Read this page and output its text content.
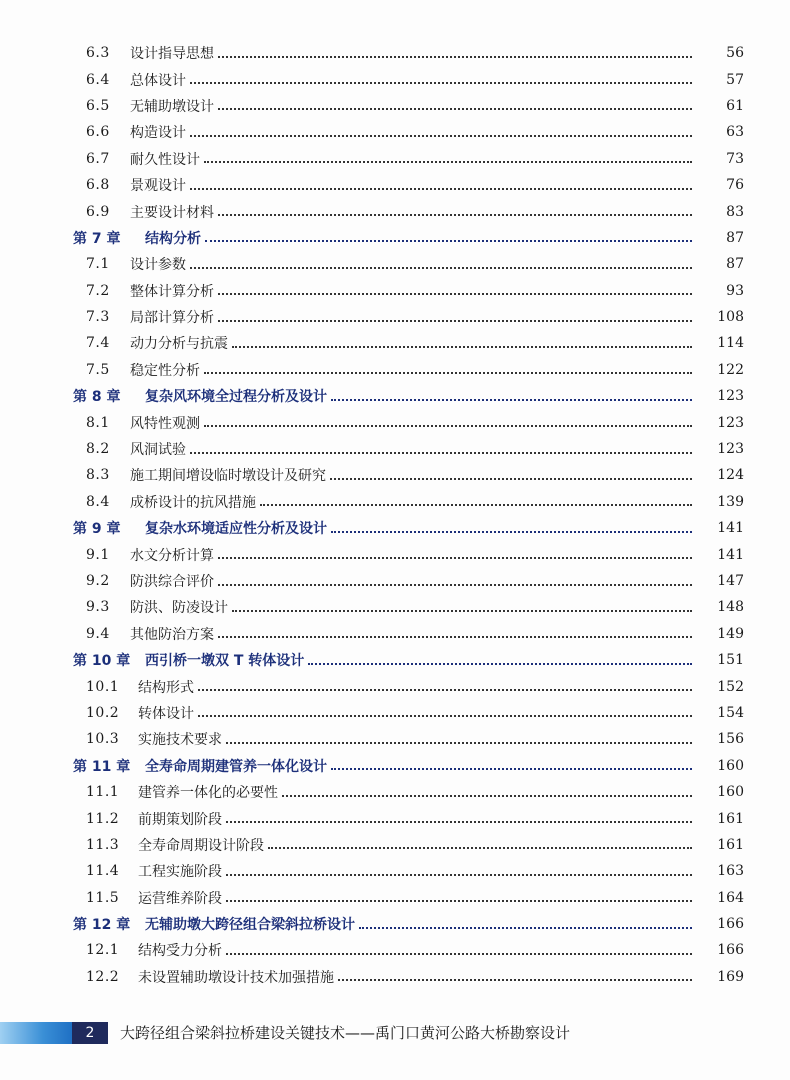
6.3	设计指导思想	56
6.4	总体设计	57
6.5	无辅助墩设计	61
6.6	构造设计	63
6.7	耐久性设计	73
6.8	景观设计	76
6.9	主要设计材料	83
第 7 章	结构分析	87
7.1	设计参数	87
7.2	整体计算分析	93
7.3	局部计算分析	108
7.4	动力分析与抗震	114
7.5	稳定性分析	122
第 8 章	复杂风环境全过程分析及设计	123
8.1	风特性观测	123
8.2	风洞试验	123
8.3	施工期间增设临时墩设计及研究	124
8.4	成桥设计的抗风措施	139
第 9 章	复杂水环境适应性分析及设计	141
9.1	水文分析计算	141
9.2	防洪综合评价	147
9.3	防洪、防凌设计	148
9.4	其他防治方案	149
第 10 章	西引桥一墩双 T 转体设计	151
10.1	结构形式	152
10.2	转体设计	154
10.3	实施技术要求	156
第 11 章	全寿命周期建管养一体化设计	160
11.1	建管养一体化的必要性	160
11.2	前期策划阶段	161
11.3	全寿命周期设计阶段	161
11.4	工程实施阶段	163
11.5	运营维养阶段	164
第 12 章	无辅助墩大跨径组合梁斜拉桥设计	166
12.1	结构受力分析	166
12.2	未设置辅助墩设计技术加强措施	169
2	大跨径组合梁斜拉桥建设关键技术——禹门口黄河公路大桥勘察设计
